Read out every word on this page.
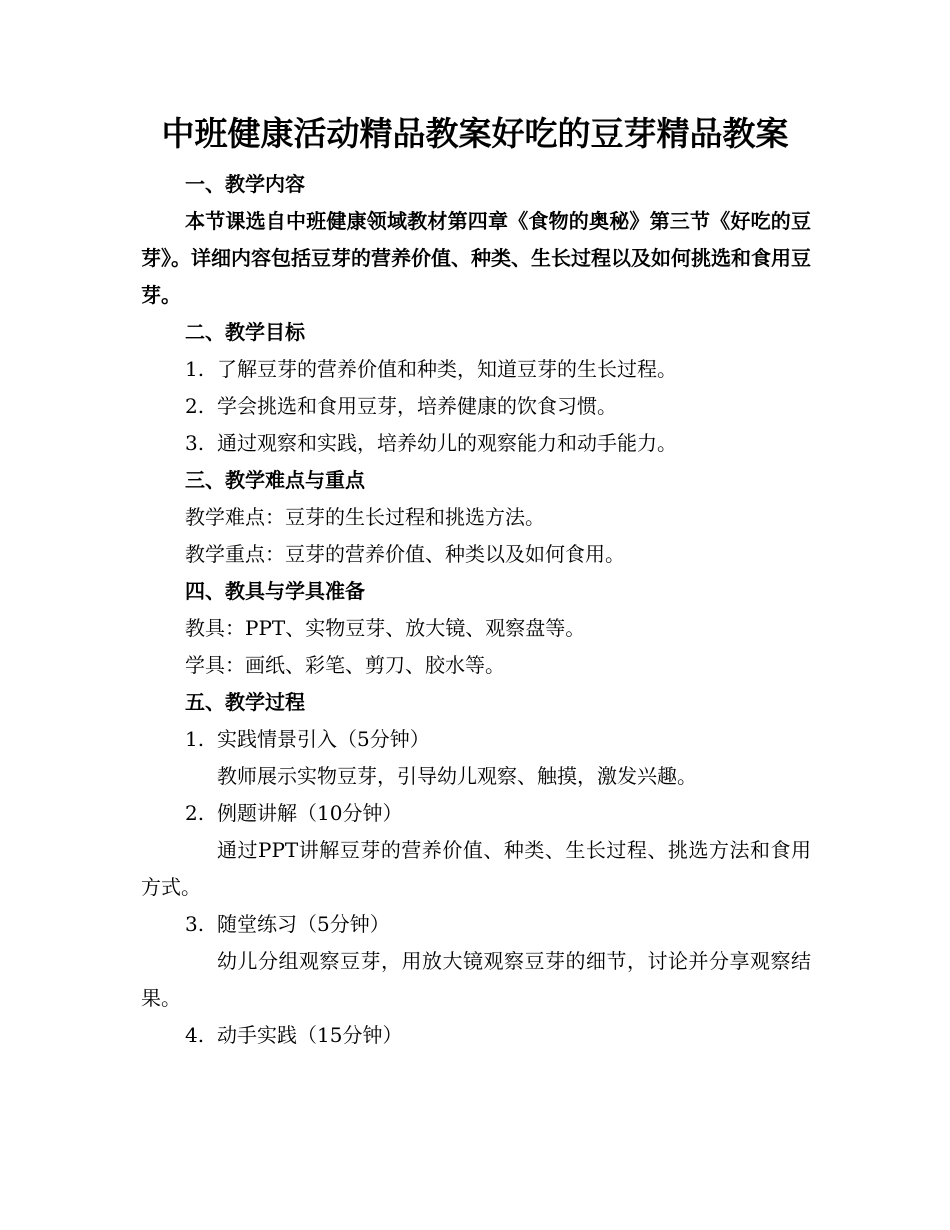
中班健康活动精品教案好吃的豆芽精品教案

一、教学内容

本节课选自中班健康领域教材第四章《食物的奥秘》第三节《好吃的豆芽》。详细内容包括豆芽的营养价值、种类、生长过程以及如何挑选和食用豆芽。

二、教学目标

1. 了解豆芽的营养价值和种类，知道豆芽的生长过程。

2. 学会挑选和食用豆芽，培养健康的饮食习惯。

3. 通过观察和实践，培养幼儿的观察能力和动手能力。

三、教学难点与重点

教学难点：豆芽的生长过程和挑选方法。

教学重点：豆芽的营养价值、种类以及如何食用。

四、教具与学具准备

教具：PPT、实物豆芽、放大镜、观察盘等。

学具：画纸、彩笔、剪刀、胶水等。

五、教学过程

1. 实践情景引入（5分钟）

教师展示实物豆芽，引导幼儿观察、触摸，激发兴趣。

2. 例题讲解（10分钟）

通过PPT讲解豆芽的营养价值、种类、生长过程、挑选方法和食用方式。

3. 随堂练习（5分钟）

幼儿分组观察豆芽，用放大镜观察豆芽的细节，讨论并分享观察结果。

4. 动手实践（15分钟）
